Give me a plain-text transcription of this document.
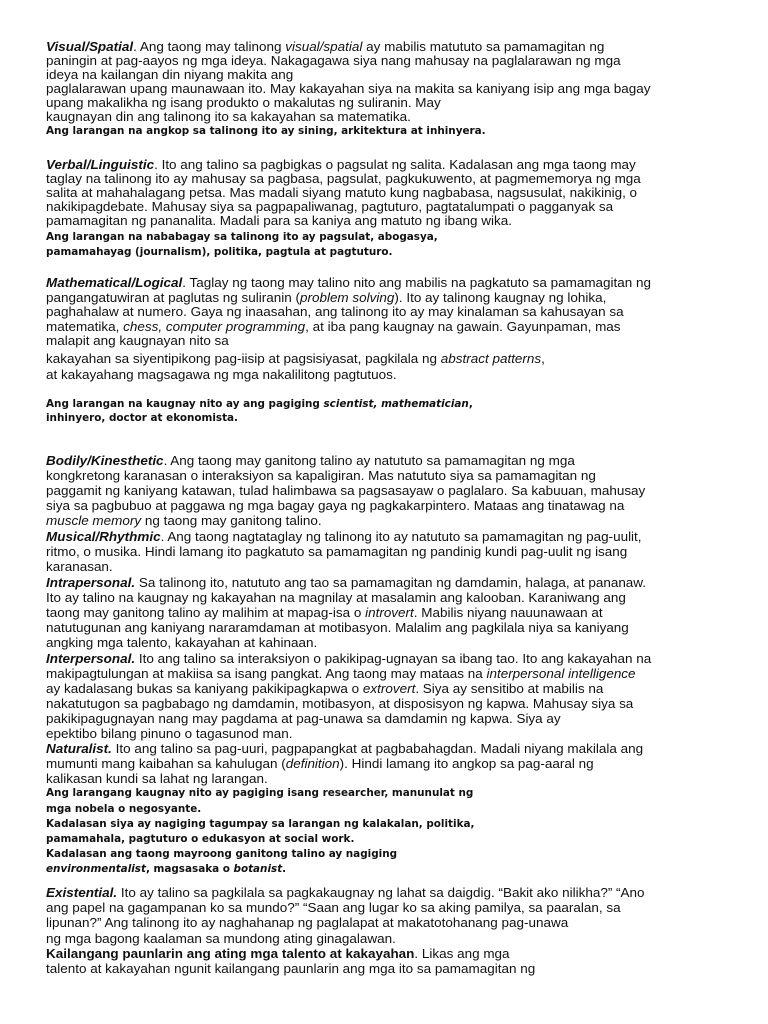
Visual/Spatial. Ang taong may talinong visual/spatial ay mabilis matututo sa pamamagitan ng
paningin at pag-aayos ng mga ideya. Nakagagawa siya nang mahusay na paglalarawan ng mga
ideya na kailangan din niyang makita ang
paglalarawan upang maunawaan ito. May kakayahan siya na makita sa kaniyang isip ang mga bagay
upang makalikha ng isang produkto o makalutas ng suliranin. May
kaugnayan din ang talinong ito sa kakayahan sa matematika.
Ang larangan na angkop sa talinong ito ay sining, arkitektura at inhinyera.
Verbal/Linguistic. Ito ang talino sa pagbigkas o pagsulat ng salita. Kadalasan ang mga taong may
taglay na talinong ito ay mahusay sa pagbasa, pagsulat, pagkukuwento, at pagmememorya ng mga
salita at mahahalagang petsa. Mas madali siyang matuto kung nagbabasa, nagsusulat, nakikinig, o
nakikipagdebate. Mahusay siya sa pagpapaliwanag, pagtuturo, pagtatalumpati o pagganyak sa
pamamagitan ng pananalita. Madali para sa kaniya ang matuto ng ibang wika.
Ang larangan na nababagay sa talinong ito ay pagsulat, abogasya,
pamamahayag (journalism), politika, pagtula at pagtuturo.
Mathematical/Logical. Taglay ng taong may talino nito ang mabilis na pagkatuto sa pamamagitan ng
pangangatuwiran at paglutas ng suliranin (problem solving). Ito ay talinong kaugnay ng lohika,
paghahalaw at numero. Gaya ng inaasahan, ang talinong ito ay may kinalaman sa kahusayan sa
matematika, chess, computer programming, at iba pang kaugnay na gawain. Gayunpaman, mas
malapit ang kaugnayan nito sa
kakayahan sa siyentipikong pag-iisip at pagsisiyasat, pagkilala ng abstract patterns,
at kakayahang magsagawa ng mga nakalilitong pagtutuos.
Ang larangan na kaugnay nito ay ang pagiging scientist, mathematician,
inhinyero, doctor at ekonomista.
Bodily/Kinesthetic. Ang taong may ganitong talino ay natututo sa pamamagitan ng mga
kongkretong karanasan o interaksiyon sa kapaligiran. Mas natututo siya sa pamamagitan ng
paggamit ng kaniyang katawan, tulad halimbawa sa pagsasayaw o paglalaro. Sa kabuuan, mahusay
siya sa pagbubuo at paggawa ng mga bagay gaya ng pagkakarpintero. Mataas ang tinatawag na
muscle memory ng taong may ganitong talino.
Musical/Rhythmic. Ang taong nagtataglay ng talinong ito ay natututo sa pamamagitan ng pag-uulit,
ritmo, o musika. Hindi lamang ito pagkatuto sa pamamagitan ng pandinig kundi pag-uulit ng isang
karanasan.
Intrapersonal. Sa talinong ito, natututo ang tao sa pamamagitan ng damdamin, halaga, at pananaw.
Ito ay talino na kaugnay ng kakayahan na magnilay at masalamin ang kalooban. Karaniwang ang
taong may ganitong talino ay malihim at mapag-isa o introvert. Mabilis niyang nauunawaan at
natutugunan ang kaniyang nararamdaman at motibasyon. Malalim ang pagkilala niya sa kaniyang
angking mga talento, kakayahan at kahinaan.
Interpersonal. Ito ang talino sa interaksiyon o pakikipag-ugnayan sa ibang tao. Ito ang kakayahan na
makipagtulungan at makiisa sa isang pangkat. Ang taong may mataas na interpersonal intelligence
ay kadalasang bukas sa kaniyang pakikipagkapwa o extrovert. Siya ay sensitibo at mabilis na
nakatutugon sa pagbabago ng damdamin, motibasyon, at disposisyon ng kapwa. Mahusay siya sa
pakikipagugnayan nang may pagdama at pag-unawa sa damdamin ng kapwa. Siya ay
epektibo bilang pinuno o tagasunod man.
Naturalist. Ito ang talino sa pag-uuri, pagpapangkat at pagbabahagdan. Madali niyang makilala ang
mumunti mang kaibahan sa kahulugan (definition). Hindi lamang ito angkop sa pag-aaral ng
kalikasan kundi sa lahat ng larangan.
Ang larangang kaugnay nito ay pagiging isang researcher, manunulat ng
mga nobela o negosyante.
Kadalasan siya ay nagiging tagumpay sa larangan ng kalakalan, politika,
pamamahala, pagtuturo o edukasyon at social work.
Kadalasan ang taong mayroong ganitong talino ay nagiging
environmentalist, magsasaka o botanist.
Existential. Ito ay talino sa pagkilala sa pagkakaugnay ng lahat sa daigdig. “Bakit ako nilikha?” “Ano
ang papel na gagampanan ko sa mundo?” “Saan ang lugar ko sa aking pamilya, sa paaralan, sa
lipunan?” Ang talinong ito ay naghahanap ng paglalapat at makatotohanang pag-unawa
ng mga bagong kaalaman sa mundong ating ginagalawan.
Kailangang paunlarin ang ating mga talento at kakayahan. Likas ang mga
talento at kakayahan ngunit kailangang paunlarin ang mga ito sa pamamagitan ng
